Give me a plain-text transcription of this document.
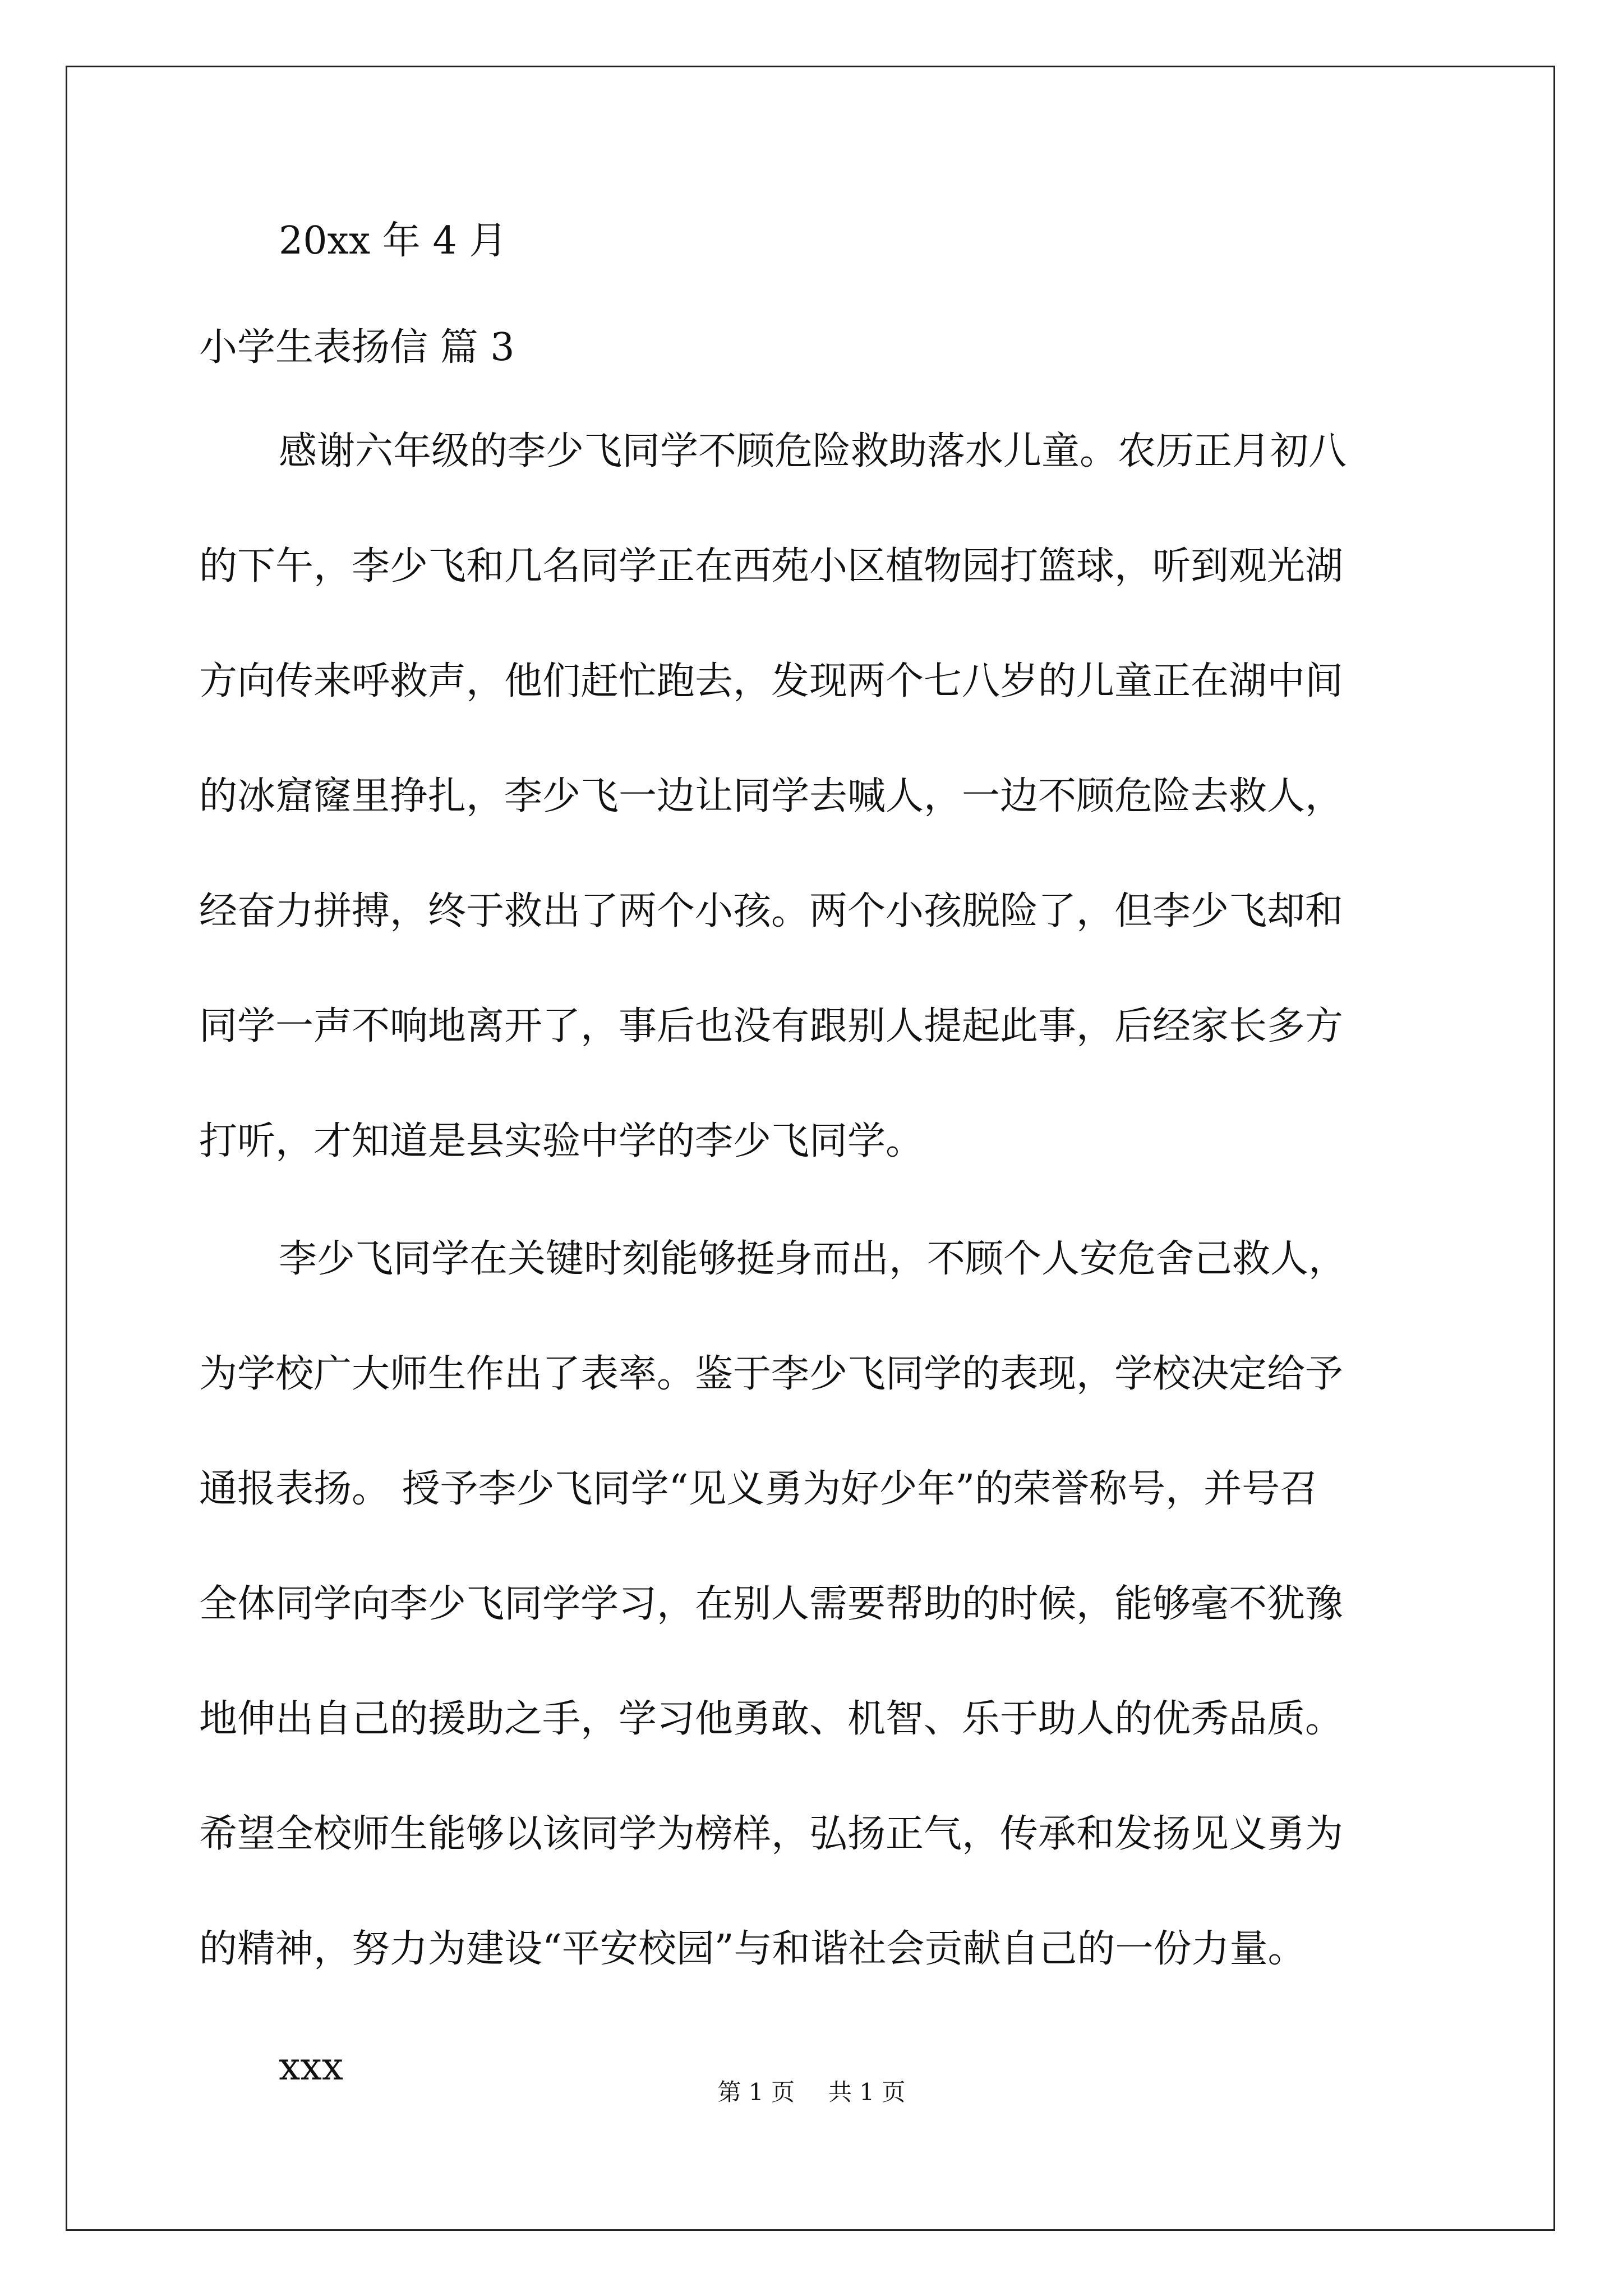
20xx 年 4 月

小学生表扬信 篇 3

感谢六年级的李少飞同学不顾危险救助落水儿童。农历正月初八
的下午，李少飞和几名同学正在西苑小区植物园打篮球，听到观光湖
方向传来呼救声，他们赶忙跑去，发现两个七八岁的儿童正在湖中间
的冰窟窿里挣扎，李少飞一边让同学去喊人，一边不顾危险去救人，
经奋力拼搏，终于救出了两个小孩。两个小孩脱险了，但李少飞却和
同学一声不响地离开了，事后也没有跟别人提起此事，后经家长多方
打听，才知道是县实验中学的李少飞同学。
李少飞同学在关键时刻能够挺身而出，不顾个人安危舍己救人，
为学校广大师生作出了表率。鉴于李少飞同学的表现，学校决定给予
通报表扬。 授予李少飞同学“见义勇为好少年”的荣誉称号，并号召
全体同学向李少飞同学学习，在别人需要帮助的时候，能够毫不犹豫
地伸出自己的援助之手，学习他勇敢、机智、乐于助人的优秀品质。
希望全校师生能够以该同学为榜样，弘扬正气，传承和发扬见义勇为
的精神，努力为建设“平安校园”与和谐社会贡献自己的一份力量。

xxx

第 1 页 共 1 页
